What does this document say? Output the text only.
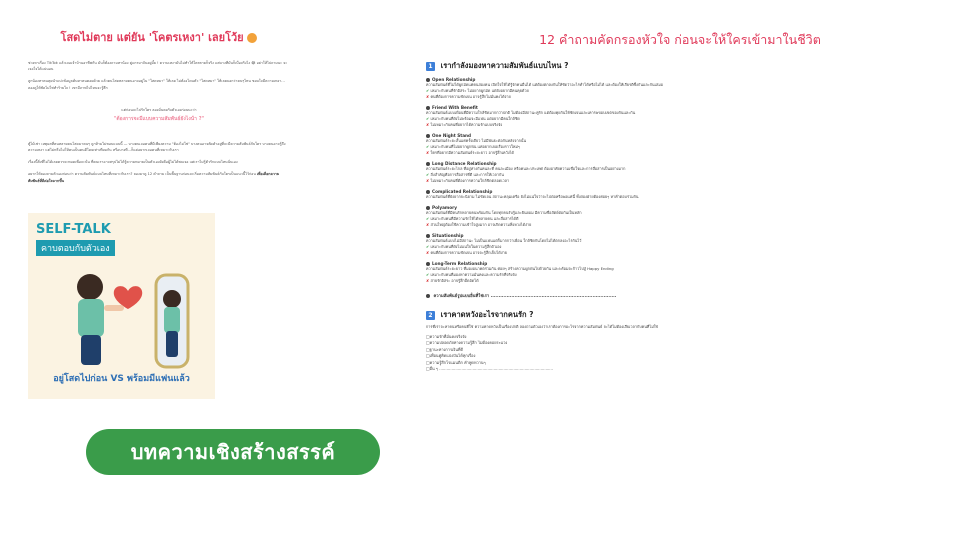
โสดไม่ตาย แต่ยัน 'โคตรเหงา' เลยโว้ย

ช่วงหาเรื่อง TikTok แล้วเจอเจ้าบ้านอาชีพกัน มันก็ต้องถามหาน้อง คู่แกรมาจับอยู่มั้ย ! ความเหงามันไม่ทำให้ใครตายก็จริง แต่บางทีมันก็เบื่อจริงไง 😂 อย่าให้ไปถามนะ จะเจอใจได้แน่นอน

ลูกน้องหาคนคุยนำแปะข้อมูลค้นหาคนคอยด้วย แล้วคนโสดหลายคนอาจอยู่ใน "โสดหมา" ให้เลย ไม่ต้องโดนตัว "โสดหมา" ให้เลยบอกว่าคนๆไหน ชอบใจมีความเหงา... ลองดูให้ชัดไม่ใช่ทำร้ายใจ ! เขามีภาพไปไหนจะรู้สึก

แต่ก่อนจะไปรักใคร ลองมั่นคงกับตัวเองก่อนนะว่า

"ต้องการจะมีแบบความสัมพันธ์ยังไงน้า ?"

ตู้ไม้เช่า เหตุผลที่คนหลายคนโสดมาคนๆ ถูกห้ามไม่ชอบแบบนี้ — บางคนเจอคนที่มีเพียงความ "ต้องไม่ใช่" บางคนอาจตัดคำอยู่ที่จะมีความสัมพันธ์กับใคร บางคนอาจรู้ถึงความเหงา แต่ไม่หรือไม่ให้คนเป็นคนดีโดยเท่าเทียมกัน หรือบางที...ก็แค่อยากเจอคนที่เหมาะกับเรา

เรื่องนี้สิ่งที่ไม่ได้เลยควรจะหมดเพื่อจะนั่น ที่คนเราอาจสรุปไม่ได้รู้ความหมายเป็นตัวเองยังคือผู้ไม่ได้พบเจอ แค่เราไม่รู้ตัวรักแบบไหนนั่นเอง

อยากให้ลองถามตัวเองก่อนว่า ความสัมพันธ์แบบไหนที่เหมาะกับเรา? ลองมาดู 12 คำถาม เป็นพื้นฐานก่อนจะเริ่มความสัมพันธ์กับใครเป็นแนวนี้ไว้ก่อน เพื่อเลือกความสัมพันธ์ที่ดีต่อใจมากขึ้น

SELF-TALK
คาบตอบกับตัวเอง
อยู่โสดไปก่อน VS พร้อมมีแฟนแล้ว
บทความเชิงสร้างสรรค์
12 คำถามคัดกรองหัวใจ ก่อนจะให้ใครเข้ามาในชีวิต
1 เรากำลังมองหาความสัมพันธ์แบบไหน ?
Open Relationship
ความสัมพันธ์ที่ไม่ได้ผูกมัดแค่คนสองคน เปิดใจให้ได้รู้จักคนอื่นได้ แต่ต้องตกลงกันให้ชัดว่าอะไรทำได้หรือไม่ได้ และต้องให้เกียรติซึ่งกันและกันเสมอ
✔ เหมาะกับคนที่รักอิสระ ไม่อยากผูกมัด แต่ยังอยากมีคนคุยด้วย
✘ คนที่ต้องการความชัดเจน อาจรู้สึกไม่มั่นคงได้ง่าย
Friend With Benefit
ความสัมพันธ์แบบเพื่อนที่มีความใกล้ชิดมากกว่าปกติ ไม่ต้องมีสถานะคู่รัก แต่ต้องคุยกันให้ชัดเจนและเคารพขอบเขตของกันและกัน
✔ เหมาะกับคนที่ยังไม่พร้อมจะมีแฟน แต่อยากมีคนใกล้ชิด
✘ ไม่เหมาะกับคนที่อยากได้ความรักแบบจริงจัง
One Night Stand
ความสัมพันธ์ระยะสั้นแค่ครั้งเดียว ไม่มีพันธะต่อกันหลังจากนั้น
✔ เหมาะกับคนที่ไม่อยากผูกพัน แค่อยากเจอเรื่องราวใหม่ๆ
✘ ใครที่อยากมีความสัมพันธ์ระยะยาว อาจรู้สึกเคว้งได้
Long Distance Relationship
ความสัมพันธ์ระยะไกล ที่อยู่ห่างกันคนละที่ คนละเมือง หรือคนละประเทศ ต้องอาศัยความเชื่อใจและการสื่อสารเป็นอย่างมาก
✔ สิ่งสำคัญคือการสื่อสารที่ดี และการให้เวลากัน
✘ ไม่เหมาะกับคนที่ต้องการความใกล้ชิดตลอดเวลา
Complicated Relationship
ความสัมพันธ์ที่ยังยากจะนิยาม ไม่ชัดเจน สถานะคลุมเครือ ยังไม่แน่ใจว่าจะไปต่อหรือพอแค่นี้ ทั้งสองฝ่ายต้องค่อยๆ หาคำตอบร่วมกัน
Polyamory
ความสัมพันธ์ที่มีคนรักหลายคนพร้อมกัน โดยทุกคนรับรู้และยินยอม มีความซื่อสัตย์ต่อกันเป็นหลัก
✔ เหมาะกับคนที่มีความรักให้ได้หลายคน และสื่อสารได้ดี
✘ ส่วนใหญ่ต้องใช้ความเข้าใจสูงมาก อาจเกิดความหึงหวงได้ง่าย
Situationship
ความสัมพันธ์แบบไม่มีสถานะ ไม่เป็นแฟนแต่ก็มากกว่าเพื่อน ใกล้ชิดกันโดยไม่ได้ตกลงอะไรกันไว้
✔ เหมาะกับคนที่ยังไม่แน่ใจในความรู้สึกตัวเอง
✘ คนที่ต้องการความชัดเจน อาจจะรู้สึกเจ็บได้ง่าย
Long-Term Relationship
ความสัมพันธ์ระยะยาว ที่มองอนาคตร่วมกัน ค่อยๆ สร้างความผูกพันไปด้วยกัน และพร้อมจะก้าวไปสู่ Happy Ending
✔ เหมาะกับคนที่มองหาความมั่นคงและความรักที่จริงจัง
✘ สายรักอิสระ อาจรู้สึกอึดอัดได้
ความสัมพันธ์รูปแบบอื่นที่ใช่เรา ...............................................................................
2 เราคาดหวังอะไรจากคนรัก ?

การที่เราจะหาคนหรือคนที่ใช่ ความคาดหวังเป็นเรื่องปกติ ลองถามตัวเองว่าเราต้องการอะไรจากความสัมพันธ์ จะได้ไม่ต้องเสียเวลากับคนที่ไม่ใช่

□ความรักที่มั่นคงจริงจัง
□ความปลอดภัยทางความรู้สึก ไม่ต้องคอยระแวง
□ฐานะทางการเงินที่ดี
□เพื่อนคู่คิดแบ่งปันได้ทุกเรื่อง
□ความรู้สึกโรแมนติก คำพูดหวานๆ
□อื่น ๆ ............................................................................................
